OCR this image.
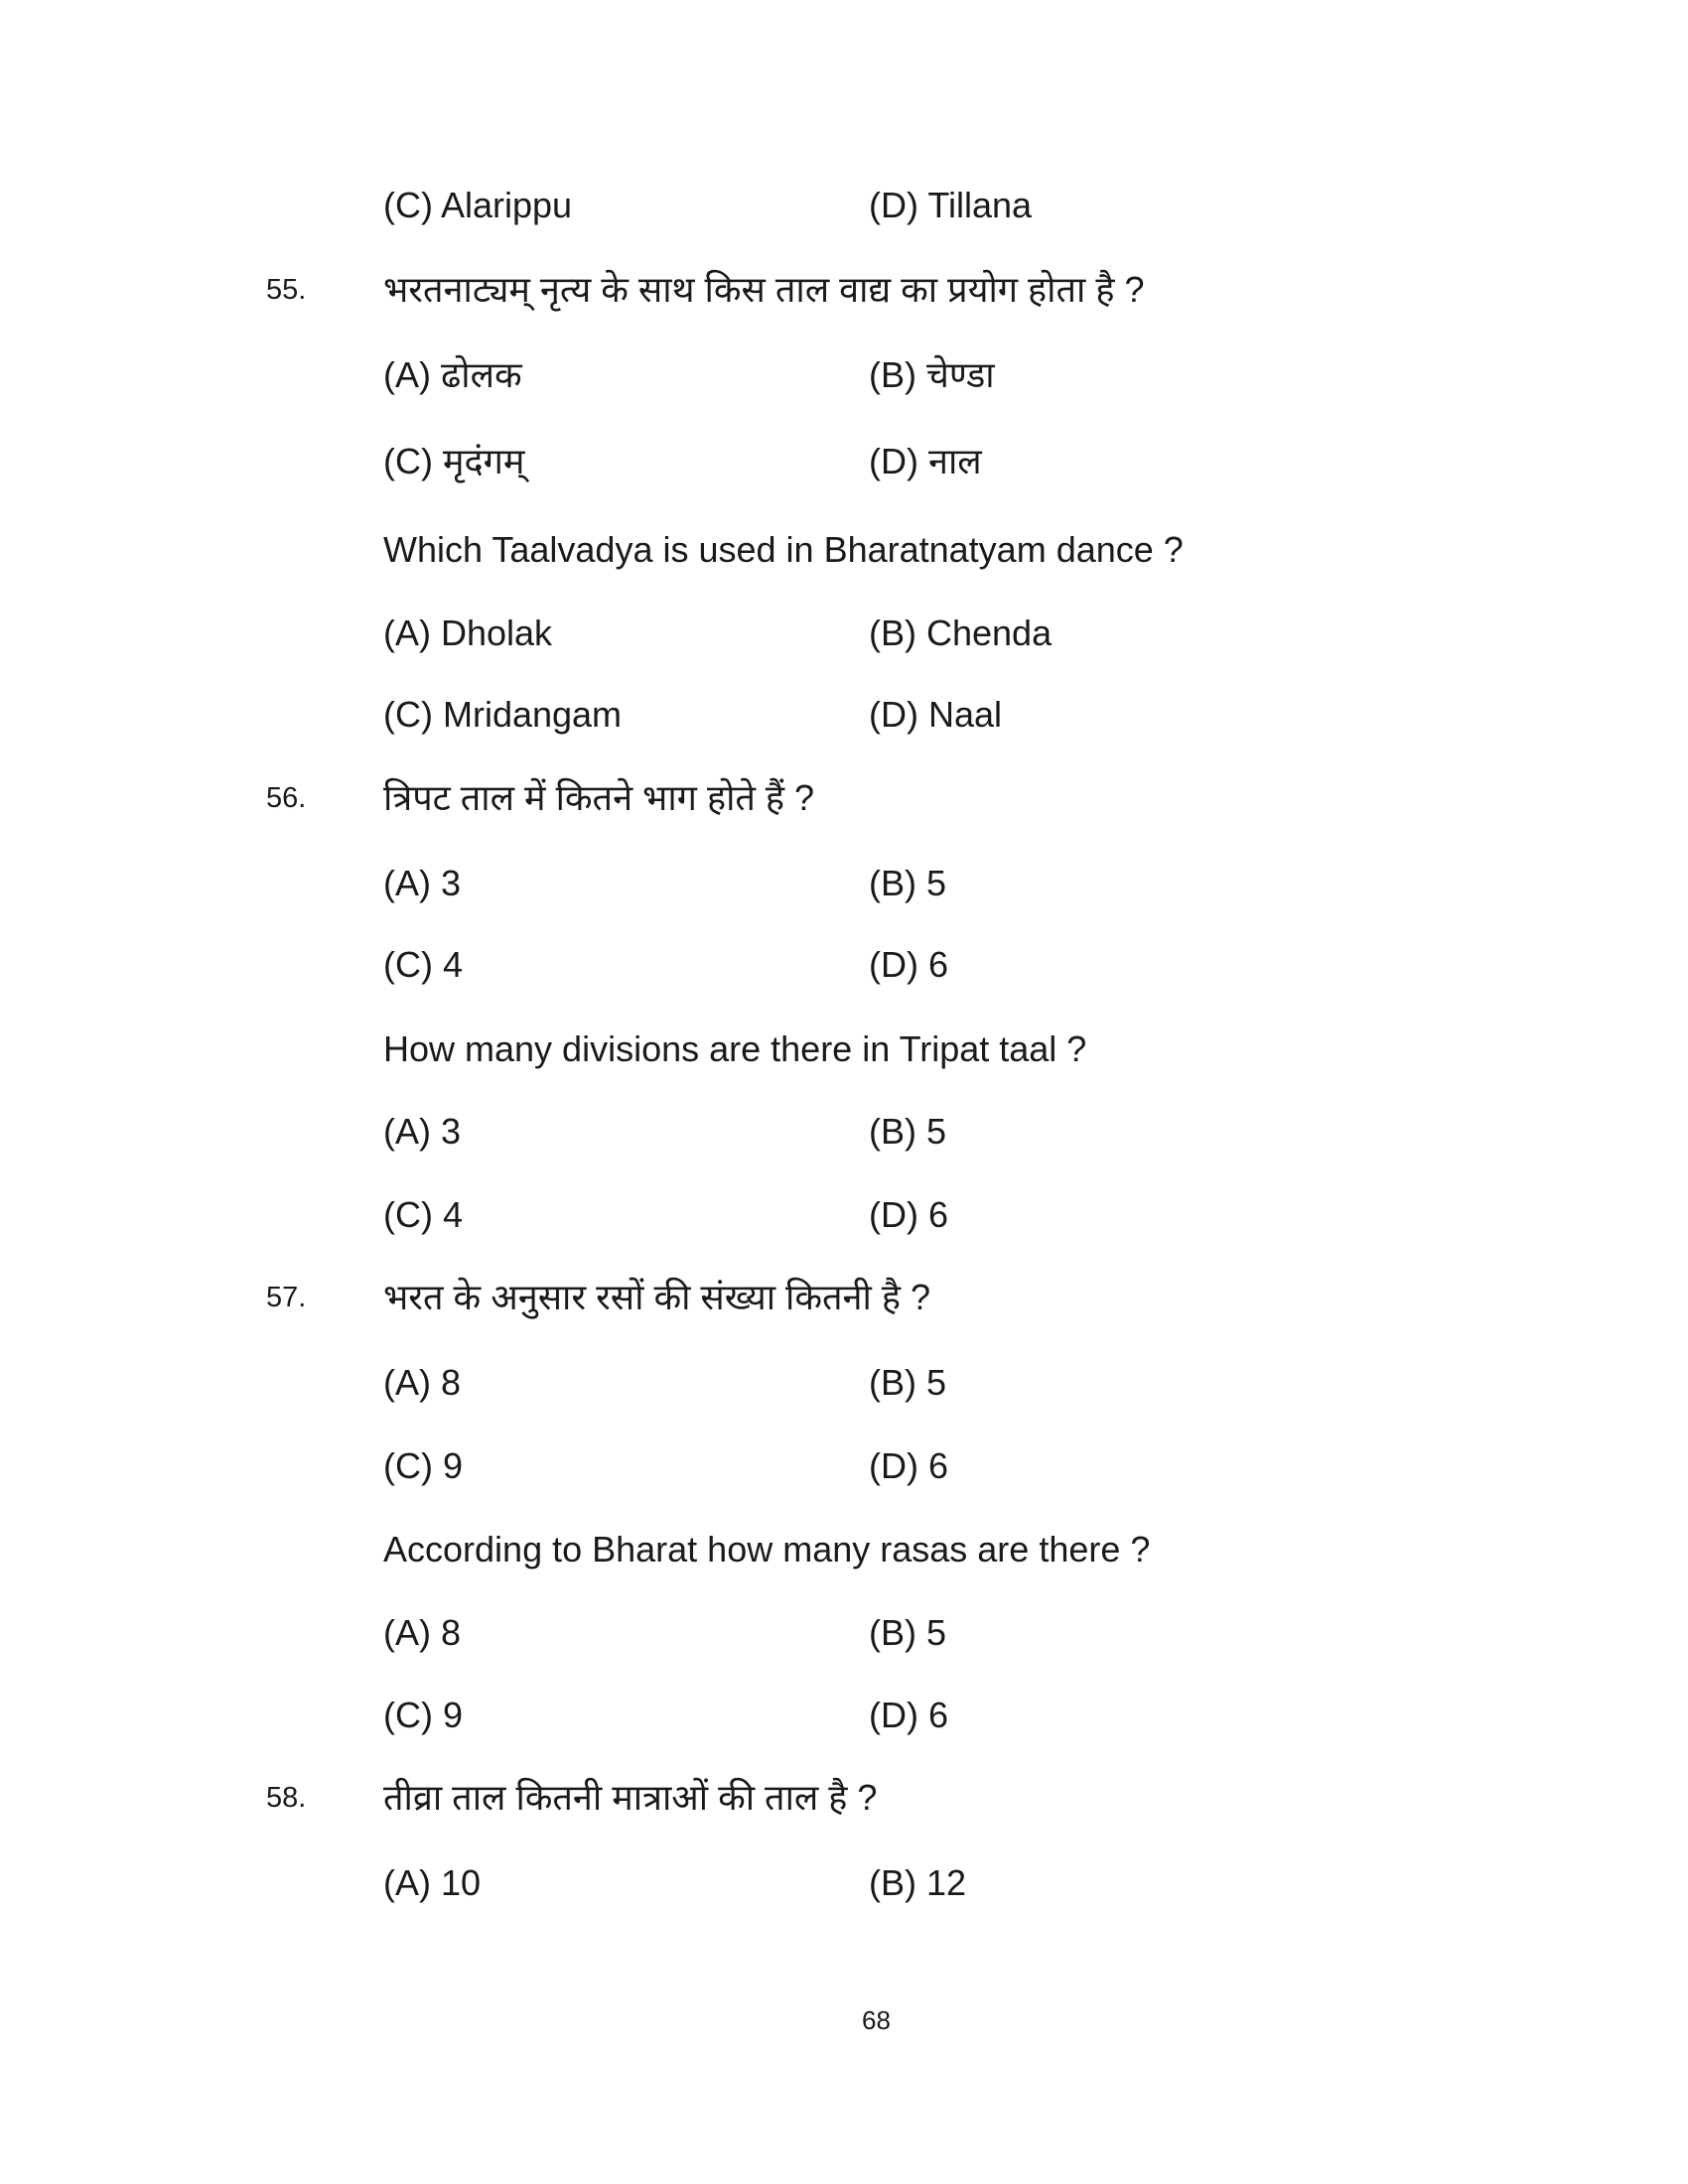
(C) Alarippu	(D) Tillana
68
55. भरतनाट्यम् नृत्य के साथ किस ताल वाद्य का प्रयोग होता है ?
(A) ढोलक	(B) चेण्डा
(C) मृदंगम्	(D) नाल
Which Taalvadya is used in Bharatnatyam dance ?
(A) Dholak	(B) Chenda
(C) Mridangam	(D) Naal
56. त्रिपट ताल में कितने भाग होते हैं ?
(A) 3	(B) 5
(C) 4	(D) 6
How many divisions are there in Tripat taal ?
(A) 3	(B) 5
(C) 4	(D) 6
57. भरत के अनुसार रसों की संख्या कितनी है ?
(A) 8	(B) 5
(C) 9	(D) 6
According to Bharat how many rasas are there ?
(A) 8	(B) 5
(C) 9	(D) 6
58. तीव्रा ताल कितनी मात्राओं की ताल है ?
(A) 10	(B) 12
